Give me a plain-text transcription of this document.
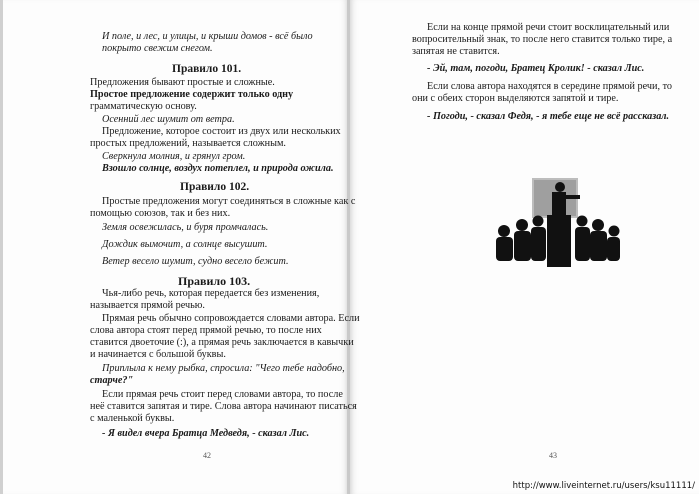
И поле, и лес, и улицы, и крыши домов - всё было
покрыто свежим снегом.
Правило 101.
Предложения бывают простые и сложные.
Простое предложение содержит только одну
грамматическую основу.
Осенний лес шумит от ветра.
Предложение, которое состоит из двух или нескольких
простых предложений, называется сложным.
Сверкнула молния, и грянул гром.
Взошло солнце, воздух потеплел, и природа ожила.
Правило 102.
Простые предложения могут соединяться в сложные как с
помощью союзов, так и без них.
Земля освежилась, и буря промчалась.
Дождик вымочит, а солнце высушит.
Ветер весело шумит, судно весело бежит.
Правило 103.
Чья-либо речь, которая передается без изменения,
называется прямой речью.
Прямая речь обычно сопровождается словами автора. Если
слова автора стоят перед прямой речью, то после них
ставится двоеточие (:), а прямая речь заключается в кавычки
и начинается с большой буквы.
Приплыла к нему рыбка, спросила: "Чего тебе надобно,
старче?"
Если прямая речь стоит перед словами автора, то после
неё ставится запятая и тире. Слова автора начинают писаться
с маленькой буквы.
- Я видел вчера Братца Медведя, - сказал Лис.
42
Если на конце прямой речи стоит восклицательный или
вопросительный знак, то после него ставится только тире, а
запятая не ставится.
- Эй, там, погоди, Братец Кролик! - сказал Лис.
Если слова автора находятся в середине прямой речи, то
они с обеих сторон выделяются запятой и тире.
- Погоди, - сказал Федя, - я тебе еще не всё рассказал.
43
http://www.liveinternet.ru/users/ksu11111/
